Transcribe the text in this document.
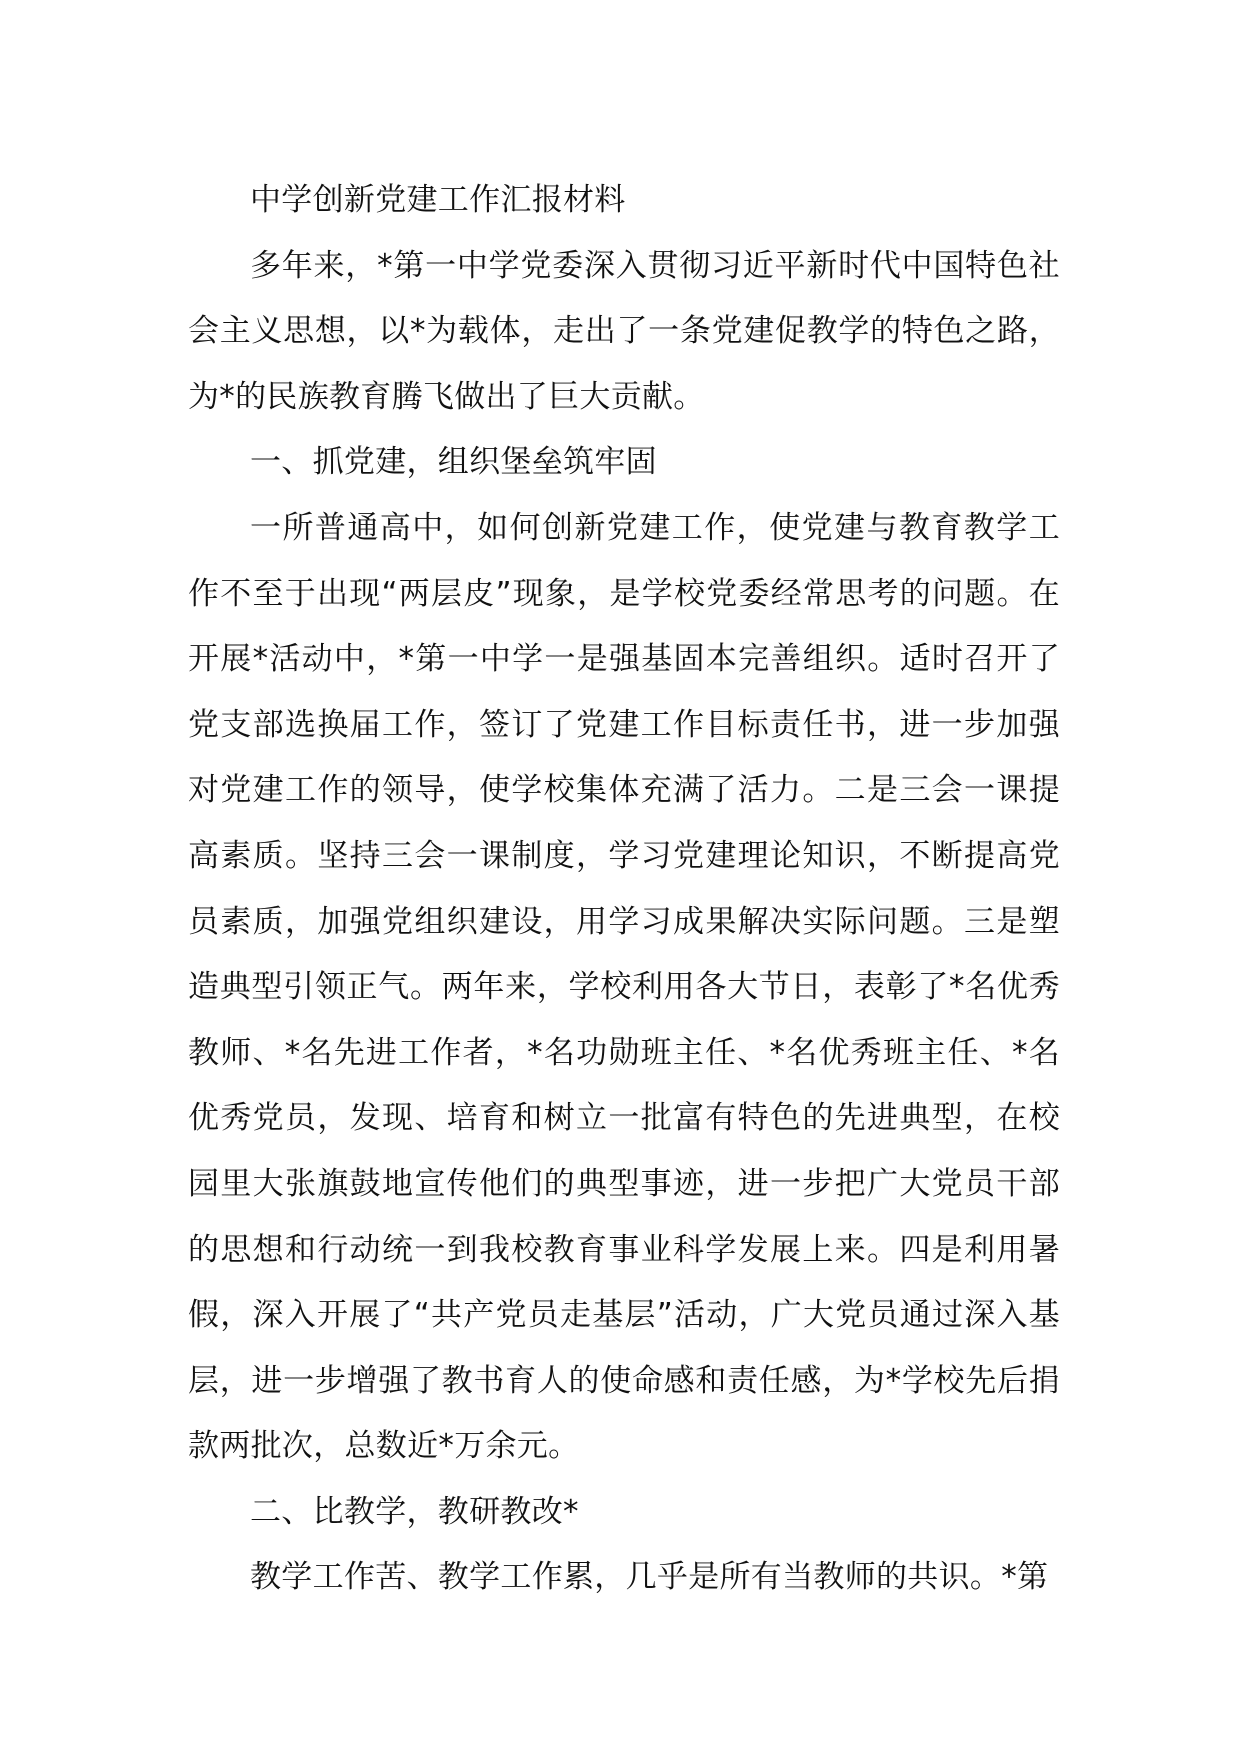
中学创新党建工作汇报材料

多年来，*第一中学党委深入贯彻习近平新时代中国特色社会主义思想，以*为载体，走出了一条党建促教学的特色之路，为*的民族教育腾飞做出了巨大贡献。

一、抓党建，组织堡垒筑牢固

一所普通高中，如何创新党建工作，使党建与教育教学工作不至于出现“两层皮”现象，是学校党委经常思考的问题。在开展*活动中，*第一中学一是强基固本完善组织。适时召开了党支部选换届工作，签订了党建工作目标责任书，进一步加强对党建工作的领导，使学校集体充满了活力。二是三会一课提高素质。坚持三会一课制度，学习党建理论知识，不断提高党员素质，加强党组织建设，用学习成果解决实际问题。三是塑造典型引领正气。两年来，学校利用各大节日，表彰了*名优秀教师、*名先进工作者，*名功勋班主任、*名优秀班主任、*名优秀党员，发现、培育和树立一批富有特色的先进典型，在校园里大张旗鼓地宣传他们的典型事迹，进一步把广大党员干部的思想和行动统一到我校教育事业科学发展上来。四是利用暑假，深入开展了“共产党员走基层”活动，广大党员通过深入基层，进一步增强了教书育人的使命感和责任感，为*学校先后捐款两批次，总数近*万余元。

二、比教学，教研教改*

教学工作苦、教学工作累，几乎是所有当教师的共识。*第
